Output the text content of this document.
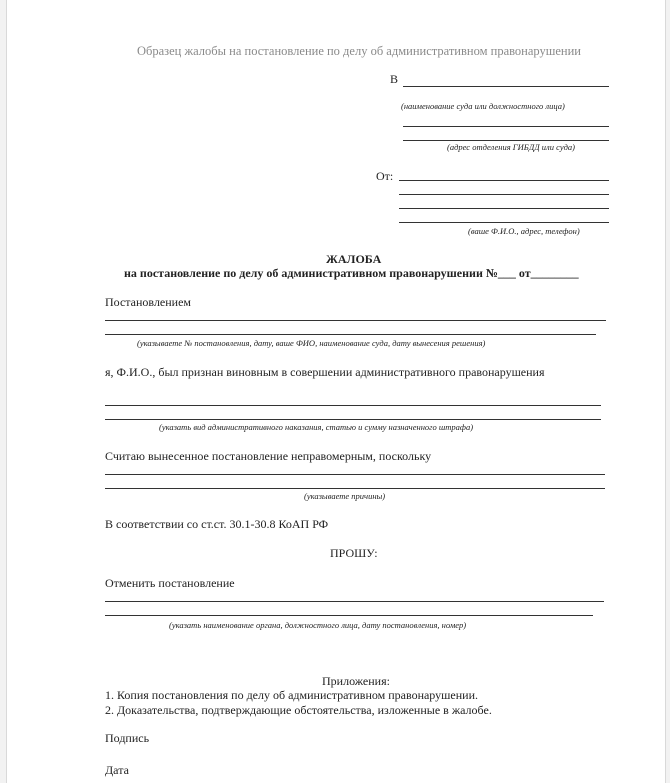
Образец жалобы на постановление по делу об административном правонарушении
В
(наименование суда или должностного лица)
(адрес отделения ГИБДД или суда)
От:
(ваше Ф.И.О., адрес, телефон)
ЖАЛОБА
на постановление по делу об административном правонарушении №___ от________
Постановлением
(указываете № постановления, дату, ваше ФИО, наименование суда, дату вынесения решения)
я, Ф.И.О., был признан виновным в совершении административного правонарушения
(указать вид административного наказания, статью и сумму назначенного штрафа)
Считаю вынесенное постановление неправомерным, поскольку
(указываете причины)
В соответствии со ст.ст. 30.1-30.8 КоАП РФ
ПРОШУ:
Отменить постановление
(указать наименование органа, должностного лица, дату постановления, номер)
Приложения:
1. Копия постановления по делу об административном правонарушении.
2. Доказательства, подтверждающие обстоятельства, изложенные в жалобе.
Подпись
Дата
